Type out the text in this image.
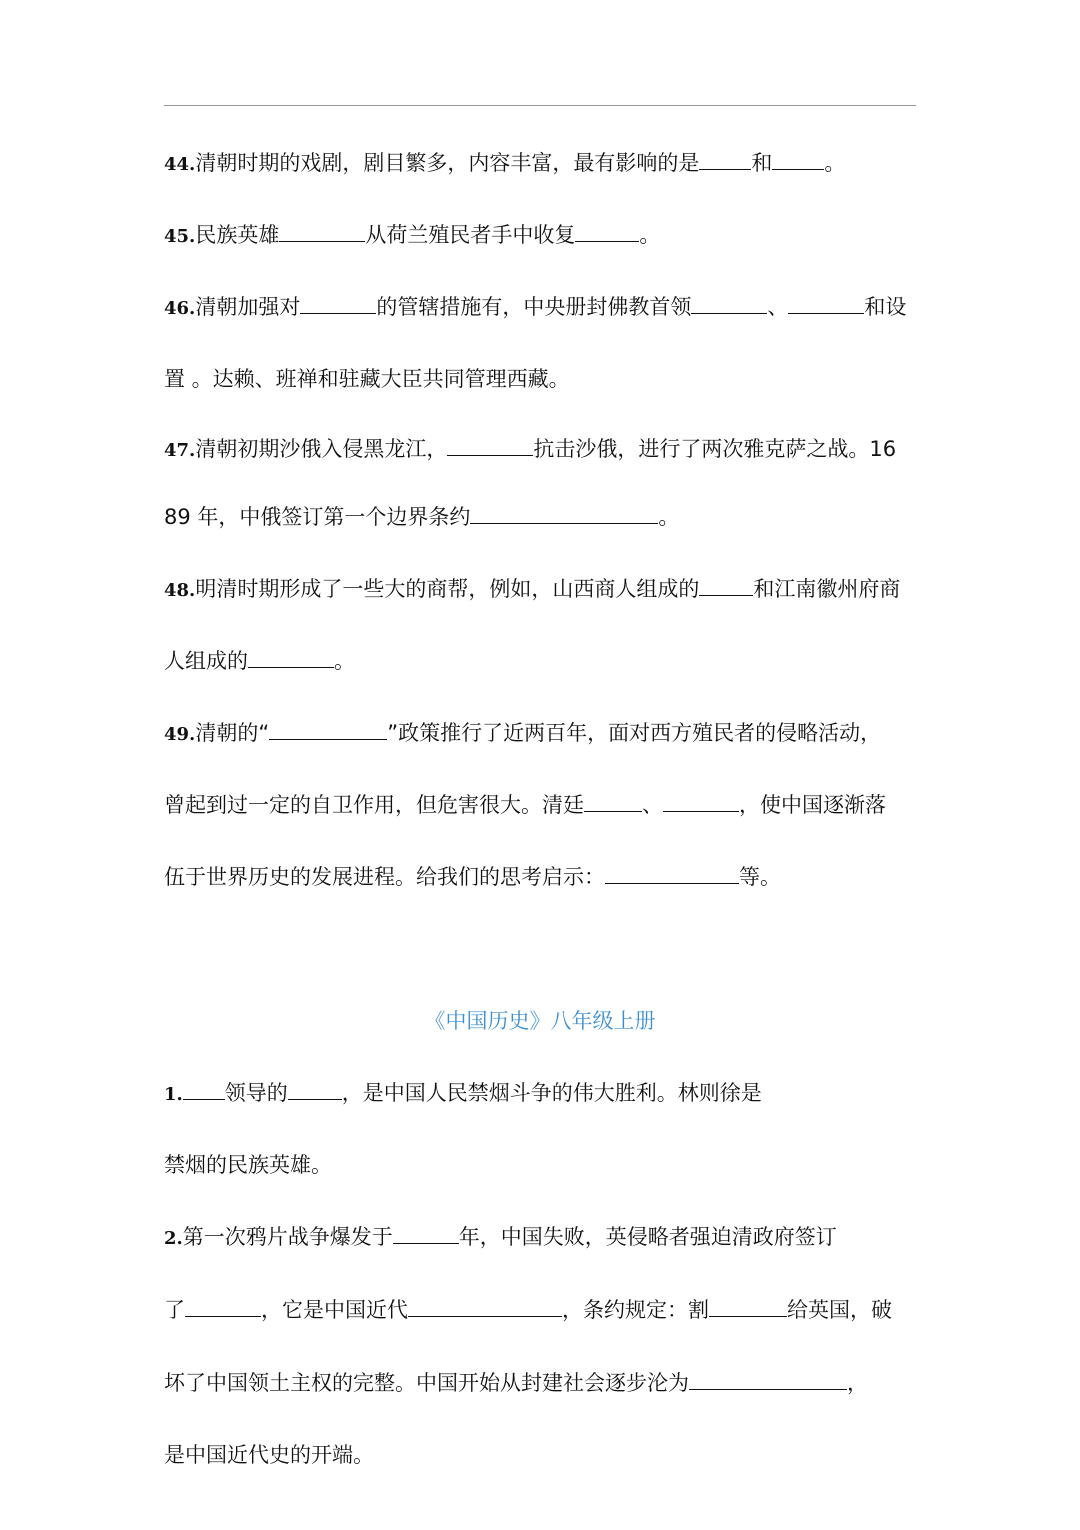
44.清朝时期的戏剧，剧目繁多，内容丰富，最有影响的是 和 。
45.民族英雄	从荷兰殖民者手中收复	。
46.清朝加强对	的管辖措施有，中央册封佛教首领	、	和设
置 。达赖、班禅和驻藏大臣共同管理西藏。
47.清朝初期沙俄入侵黑龙江，	抗击沙俄，进行了两次雅克萨之战。16
89 年，中俄签订第一个边界条约	。
48.明清时期形成了一些大的商帮，例如，山西商人组成的	和江南徽州府商
人组成的	。
49.清朝的“	”政策推行了近两百年，面对西方殖民者的侵略活动，
曾起到过一定的自卫作用，但危害很大。清廷	、	，使中国逐渐落
伍于世界历史的发展进程。给我们的思考启示：	等。
《中国历史》八年级上册
1. 领导的	，是中国人民禁烟斗争的伟大胜利。林则徐是
禁烟的民族英雄。
2.第一次鸦片战争爆发于	年，中国失败，英侵略者强迫清政府签订
了	，它是中国近代	，条约规定：割	给英国，破
坏了中国领土主权的完整。中国开始从封建社会逐步沦为	，
是中国近代史的开端。
